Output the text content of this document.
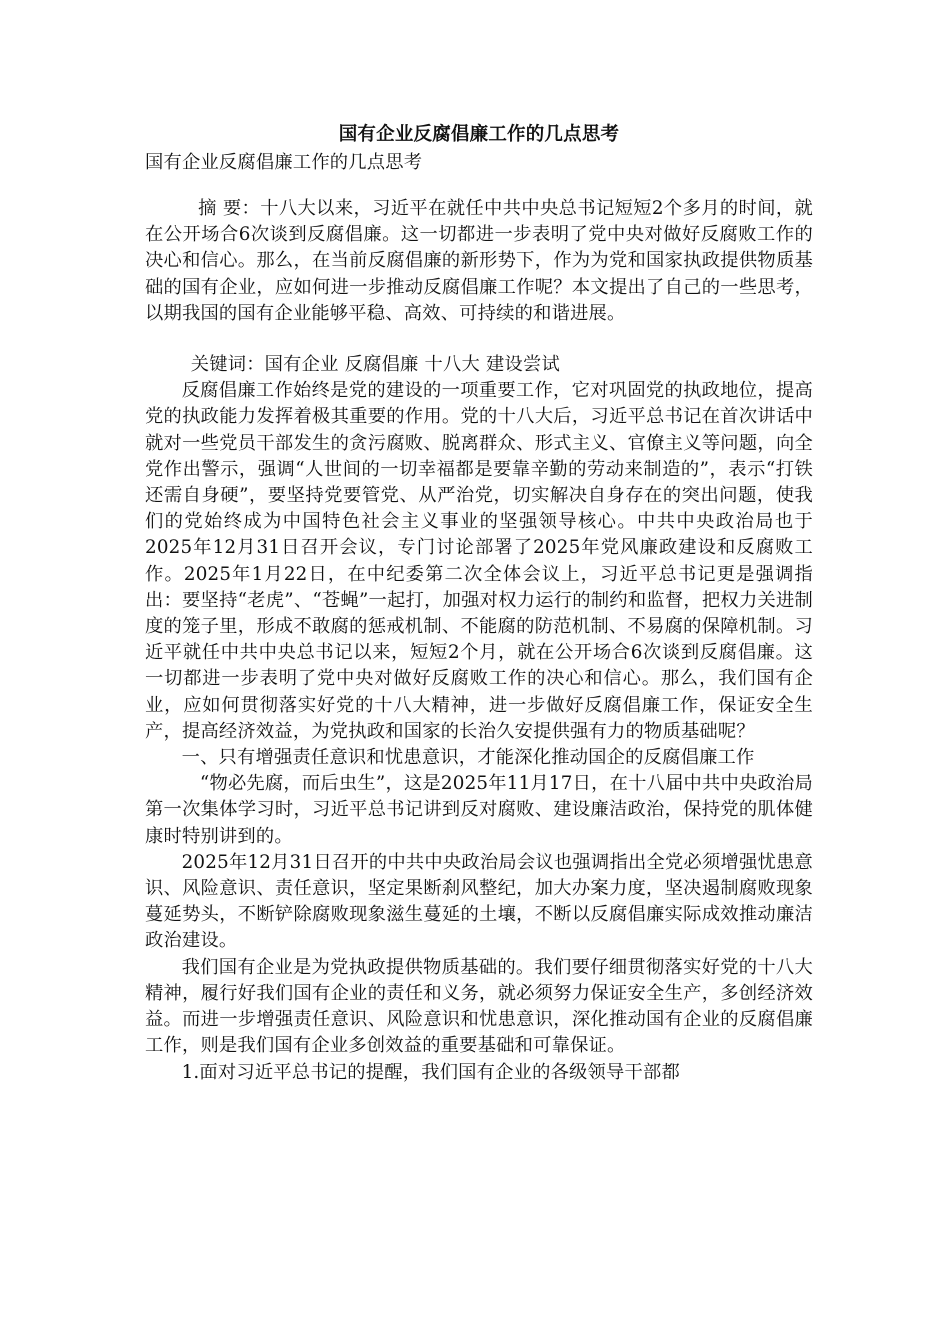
国有企业反腐倡廉工作的几点思考
国有企业反腐倡廉工作的几点思考

摘 要：十八大以来，习近平在就任中共中央总书记短短2个多月的时间，就在公开场合6次谈到反腐倡廉。这一切都进一步表明了党中央对做好反腐败工作的决心和信心。那么，在当前反腐倡廉的新形势下，作为为党和国家执政提供物质基础的国有企业，应如何进一步推动反腐倡廉工作呢？本文提出了自己的一些思考，以期我国的国有企业能够平稳、高效、可持续的和谐进展。

关键词：国有企业 反腐倡廉 十八大 建设尝试

反腐倡廉工作始终是党的建设的一项重要工作，它对巩固党的执政地位，提高党的执政能力发挥着极其重要的作用。党的十八大后，习近平总书记在首次讲话中就对一些党员干部发生的贪污腐败、脱离群众、形式主义、官僚主义等问题，向全党作出警示，强调“人世间的一切幸福都是要靠辛勤的劳动来制造的”，表示“打铁还需自身硬”，要坚持党要管党、从严治党，切实解决自身存在的突出问题，使我们的党始终成为中国特色社会主义事业的坚强领导核心。中共中央政治局也于2025年12月31日召开会议，专门讨论部署了2025年党风廉政建设和反腐败工作。2025年1月22日，在中纪委第二次全体会议上，习近平总书记更是强调指出：要坚持“老虎”、“苍蝇”一起打，加强对权力运行的制约和监督，把权力关进制度的笼子里，形成不敢腐的惩戒机制、不能腐的防范机制、不易腐的保障机制。习近平就任中共中央总书记以来，短短2个月，就在公开场合6次谈到反腐倡廉。这一切都进一步表明了党中央对做好反腐败工作的决心和信心。那么，我们国有企业，应如何贯彻落实好党的十八大精神，进一步做好反腐倡廉工作，保证安全生产，提高经济效益，为党执政和国家的长治久安提供强有力的物质基础呢？

一、只有增强责任意识和忧患意识，才能深化推动国企的反腐倡廉工作

“物必先腐，而后虫生”，这是2025年11月17日，在十八届中共中央政治局第一次集体学习时，习近平总书记讲到反对腐败、建设廉洁政治，保持党的肌体健康时特别讲到的。

2025年12月31日召开的中共中央政治局会议也强调指出全党必须增强忧患意识、风险意识、责任意识，坚定果断刹风整纪，加大办案力度，坚决遏制腐败现象蔓延势头，不断铲除腐败现象滋生蔓延的土壤，不断以反腐倡廉实际成效推动廉洁政治建设。

我们国有企业是为党执政提供物质基础的。我们要仔细贯彻落实好党的十八大精神，履行好我们国有企业的责任和义务，就必须努力保证安全生产，多创经济效益。而进一步增强责任意识、风险意识和忧患意识，深化推动国有企业的反腐倡廉工作，则是我们国有企业多创效益的重要基础和可靠保证。

1.面对习近平总书记的提醒，我们国有企业的各级领导干部都
